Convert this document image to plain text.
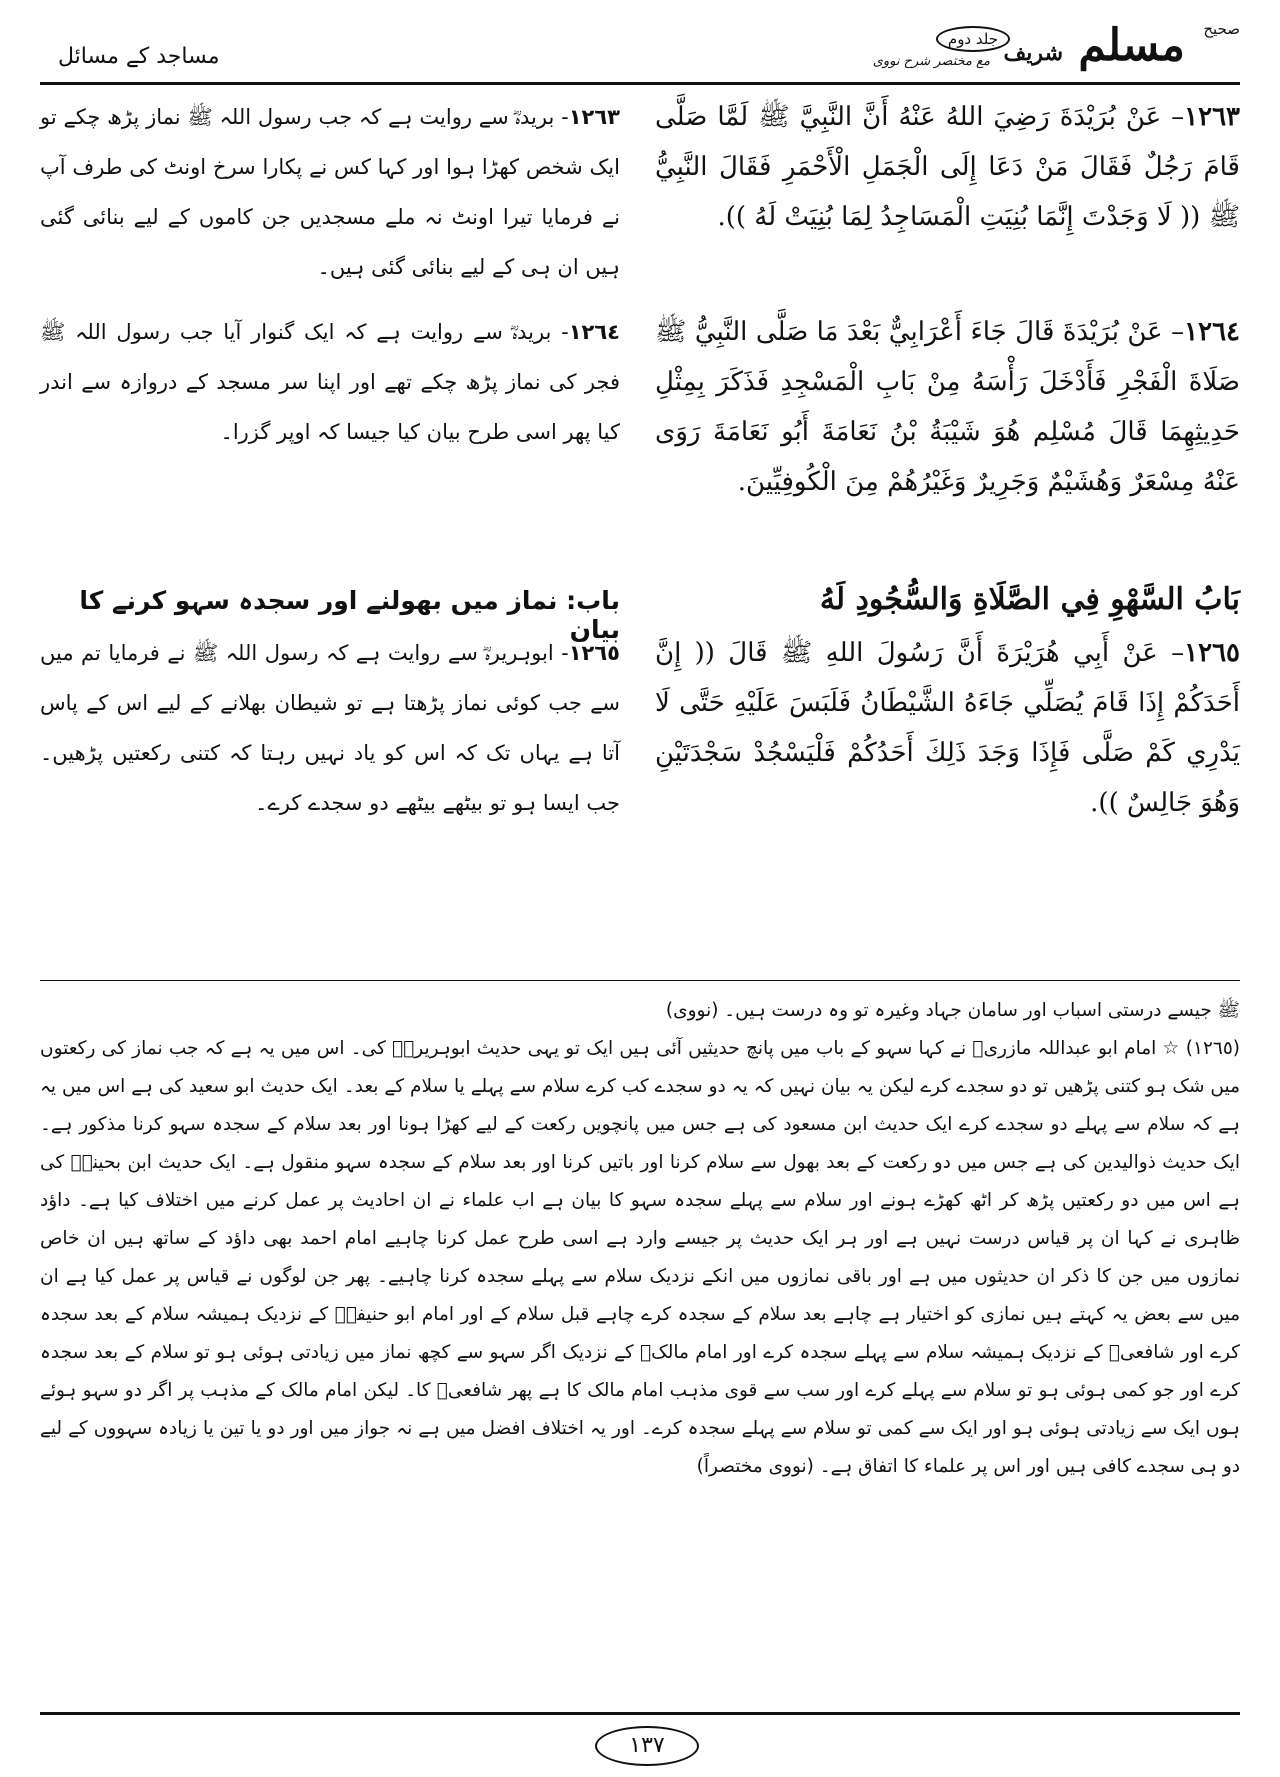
صحیح
مسلم شریف
جلد دوم
مع مختصر شرح نووی
مساجد کے مسائل

١٢٦٣– عَنْ بُرَيْدَةَ رَضِيَ اللهُ عَنْهُ أَنَّ النَّبِيَّ ﷺ لَمَّا صَلَّى قَامَ رَجُلٌ فَقَالَ مَنْ دَعَا إِلَى الْجَمَلِ الْأَحْمَرِ فَقَالَ النَّبِيُّ ﷺ (( لَا وَجَدْتَ إِنَّمَا بُنِيَتِ الْمَسَاجِدُ لِمَا بُنِيَتْ لَهُ )).

١٢٦٣- بریدہؓ سے روایت ہے کہ جب رسول اللہ ﷺ نماز پڑھ چکے تو ایک شخص کھڑا ہوا اور کہا کس نے پکارا سرخ اونٹ کی طرف آپ نے فرمایا تیرا اونٹ نہ ملے مسجدیں جن کاموں کے لیے بنائی گئی ہیں ان ہی کے لیے بنائی گئی ہیں۔

١٢٦٤– عَنْ بُرَيْدَةَ قَالَ جَاءَ أَعْرَابِيٌّ بَعْدَ مَا صَلَّى النَّبِيُّ ﷺ صَلَاةَ الْفَجْرِ فَأَدْخَلَ رَأْسَهُ مِنْ بَابِ الْمَسْجِدِ فَذَكَرَ بِمِثْلِ حَدِيثِهِمَا قَالَ مُسْلِم هُوَ شَيْبَةُ بْنُ نَعَامَةَ أَبُو نَعَامَةَ رَوَى عَنْهُ مِسْعَرٌ وَهُشَيْمٌ وَجَرِيرٌ وَغَيْرُهُمْ مِنَ الْكُوفِيِّينَ.

١٢٦٤- بریدہؓ سے روایت ہے کہ ایک گنوار آیا جب رسول اللہ ﷺ فجر کی نماز پڑھ چکے تھے اور اپنا سر مسجد کے دروازہ سے اندر کیا پھر اسی طرح بیان کیا جیسا کہ اوپر گزرا۔

بَابُ السَّهْوِ فِي الصَّلَاةِ وَالسُّجُودِ لَهُ
باب: نماز میں بھولنے اور سجدہ سہو کرنے کا بیان

١٢٦٥– عَنْ أَبِي هُرَيْرَةَ أَنَّ رَسُولَ اللهِ ﷺ قَالَ (( إِنَّ أَحَدَكُمْ إِذَا قَامَ يُصَلِّي جَاءَهُ الشَّيْطَانُ فَلَبَسَ عَلَيْهِ حَتَّى لَا يَدْرِي كَمْ صَلَّى فَإِذَا وَجَدَ ذَلِكَ أَحَدُكُمْ فَلْيَسْجُدْ سَجْدَتَيْنِ وَهُوَ جَالِسٌ )).

١٢٦٥- ابوہریرہؓ سے روایت ہے کہ رسول اللہ ﷺ نے فرمایا تم میں سے جب کوئی نماز پڑھتا ہے تو شیطان بھلانے کے لیے اس کے پاس آتا ہے یہاں تک کہ اس کو یاد نہیں رہتا کہ کتنی رکعتیں پڑھیں۔ جب ایسا ہو تو بیٹھے بیٹھے دو سجدے کرے۔

ﷺ جیسے درستی اسباب اور سامان جہاد وغیرہ تو وہ درست ہیں۔ (نووی)

(١٢٦٥) ☆ امام ابو عبداللہ مازریؒ نے کہا سہو کے باب میں پانچ حدیثیں آئی ہیں ایک تو یہی حدیث ابوہریرہؓ کی۔ اس میں یہ ہے کہ جب نماز کی رکعتوں میں شک ہو کتنی پڑھیں تو دو سجدے کرے لیکن یہ بیان نہیں کہ یہ دو سجدے کب کرے سلام سے پہلے یا سلام کے بعد۔ ایک حدیث ابو سعید کی ہے اس میں یہ ہے کہ سلام سے پہلے دو سجدے کرے ایک حدیث ابن مسعود کی ہے جس میں پانچویں رکعت کے لیے کھڑا ہونا اور بعد سلام کے سجدہ سہو کرنا مذکور ہے۔ ایک حدیث ذوالیدین کی ہے جس میں دو رکعت کے بعد بھول سے سلام کرنا اور باتیں کرنا اور بعد سلام کے سجدہ سہو منقول ہے۔ ایک حدیث ابن بحینہؓ کی ہے اس میں دو رکعتیں پڑھ کر اٹھ کھڑے ہونے اور سلام سے پہلے سجدہ سہو کا بیان ہے اب علماء نے ان احادیث پر عمل کرنے میں اختلاف کیا ہے۔ داؤد ظاہری نے کہا ان پر قیاس درست نہیں ہے اور ہر ایک حدیث پر جیسے وارد ہے اسی طرح عمل کرنا چاہیے امام احمد بھی داؤد کے ساتھ ہیں ان خاص نمازوں میں جن کا ذکر ان حدیثوں میں ہے اور باقی نمازوں میں انکے نزدیک سلام سے پہلے سجدہ کرنا چاہیے۔ پھر جن لوگوں نے قیاس پر عمل کیا ہے ان میں سے بعض یہ کہتے ہیں نمازی کو اختیار ہے چاہے بعد سلام کے سجدہ کرے چاہے قبل سلام کے اور امام ابو حنیفہؒ کے نزدیک ہمیشہ سلام کے بعد سجدہ کرے اور شافعیؒ کے نزدیک ہمیشہ سلام سے پہلے سجدہ کرے اور امام مالکؒ کے نزدیک اگر سہو سے کچھ نماز میں زیادتی ہوئی ہو تو سلام کے بعد سجدہ کرے اور جو کمی ہوئی ہو تو سلام سے پہلے کرے اور سب سے قوی مذہب امام مالک کا ہے پھر شافعیؒ کا۔ لیکن امام مالک کے مذہب پر اگر دو سہو ہوئے ہوں ایک سے زیادتی ہوئی ہو اور ایک سے کمی تو سلام سے پہلے سجدہ کرے۔ اور یہ اختلاف افضل میں ہے نہ جواز میں اور دو یا تین یا زیادہ سہووں کے لیے دو ہی سجدے کافی ہیں اور اس پر علماء کا اتفاق ہے۔ (نووی مختصراً)

١٣٧
